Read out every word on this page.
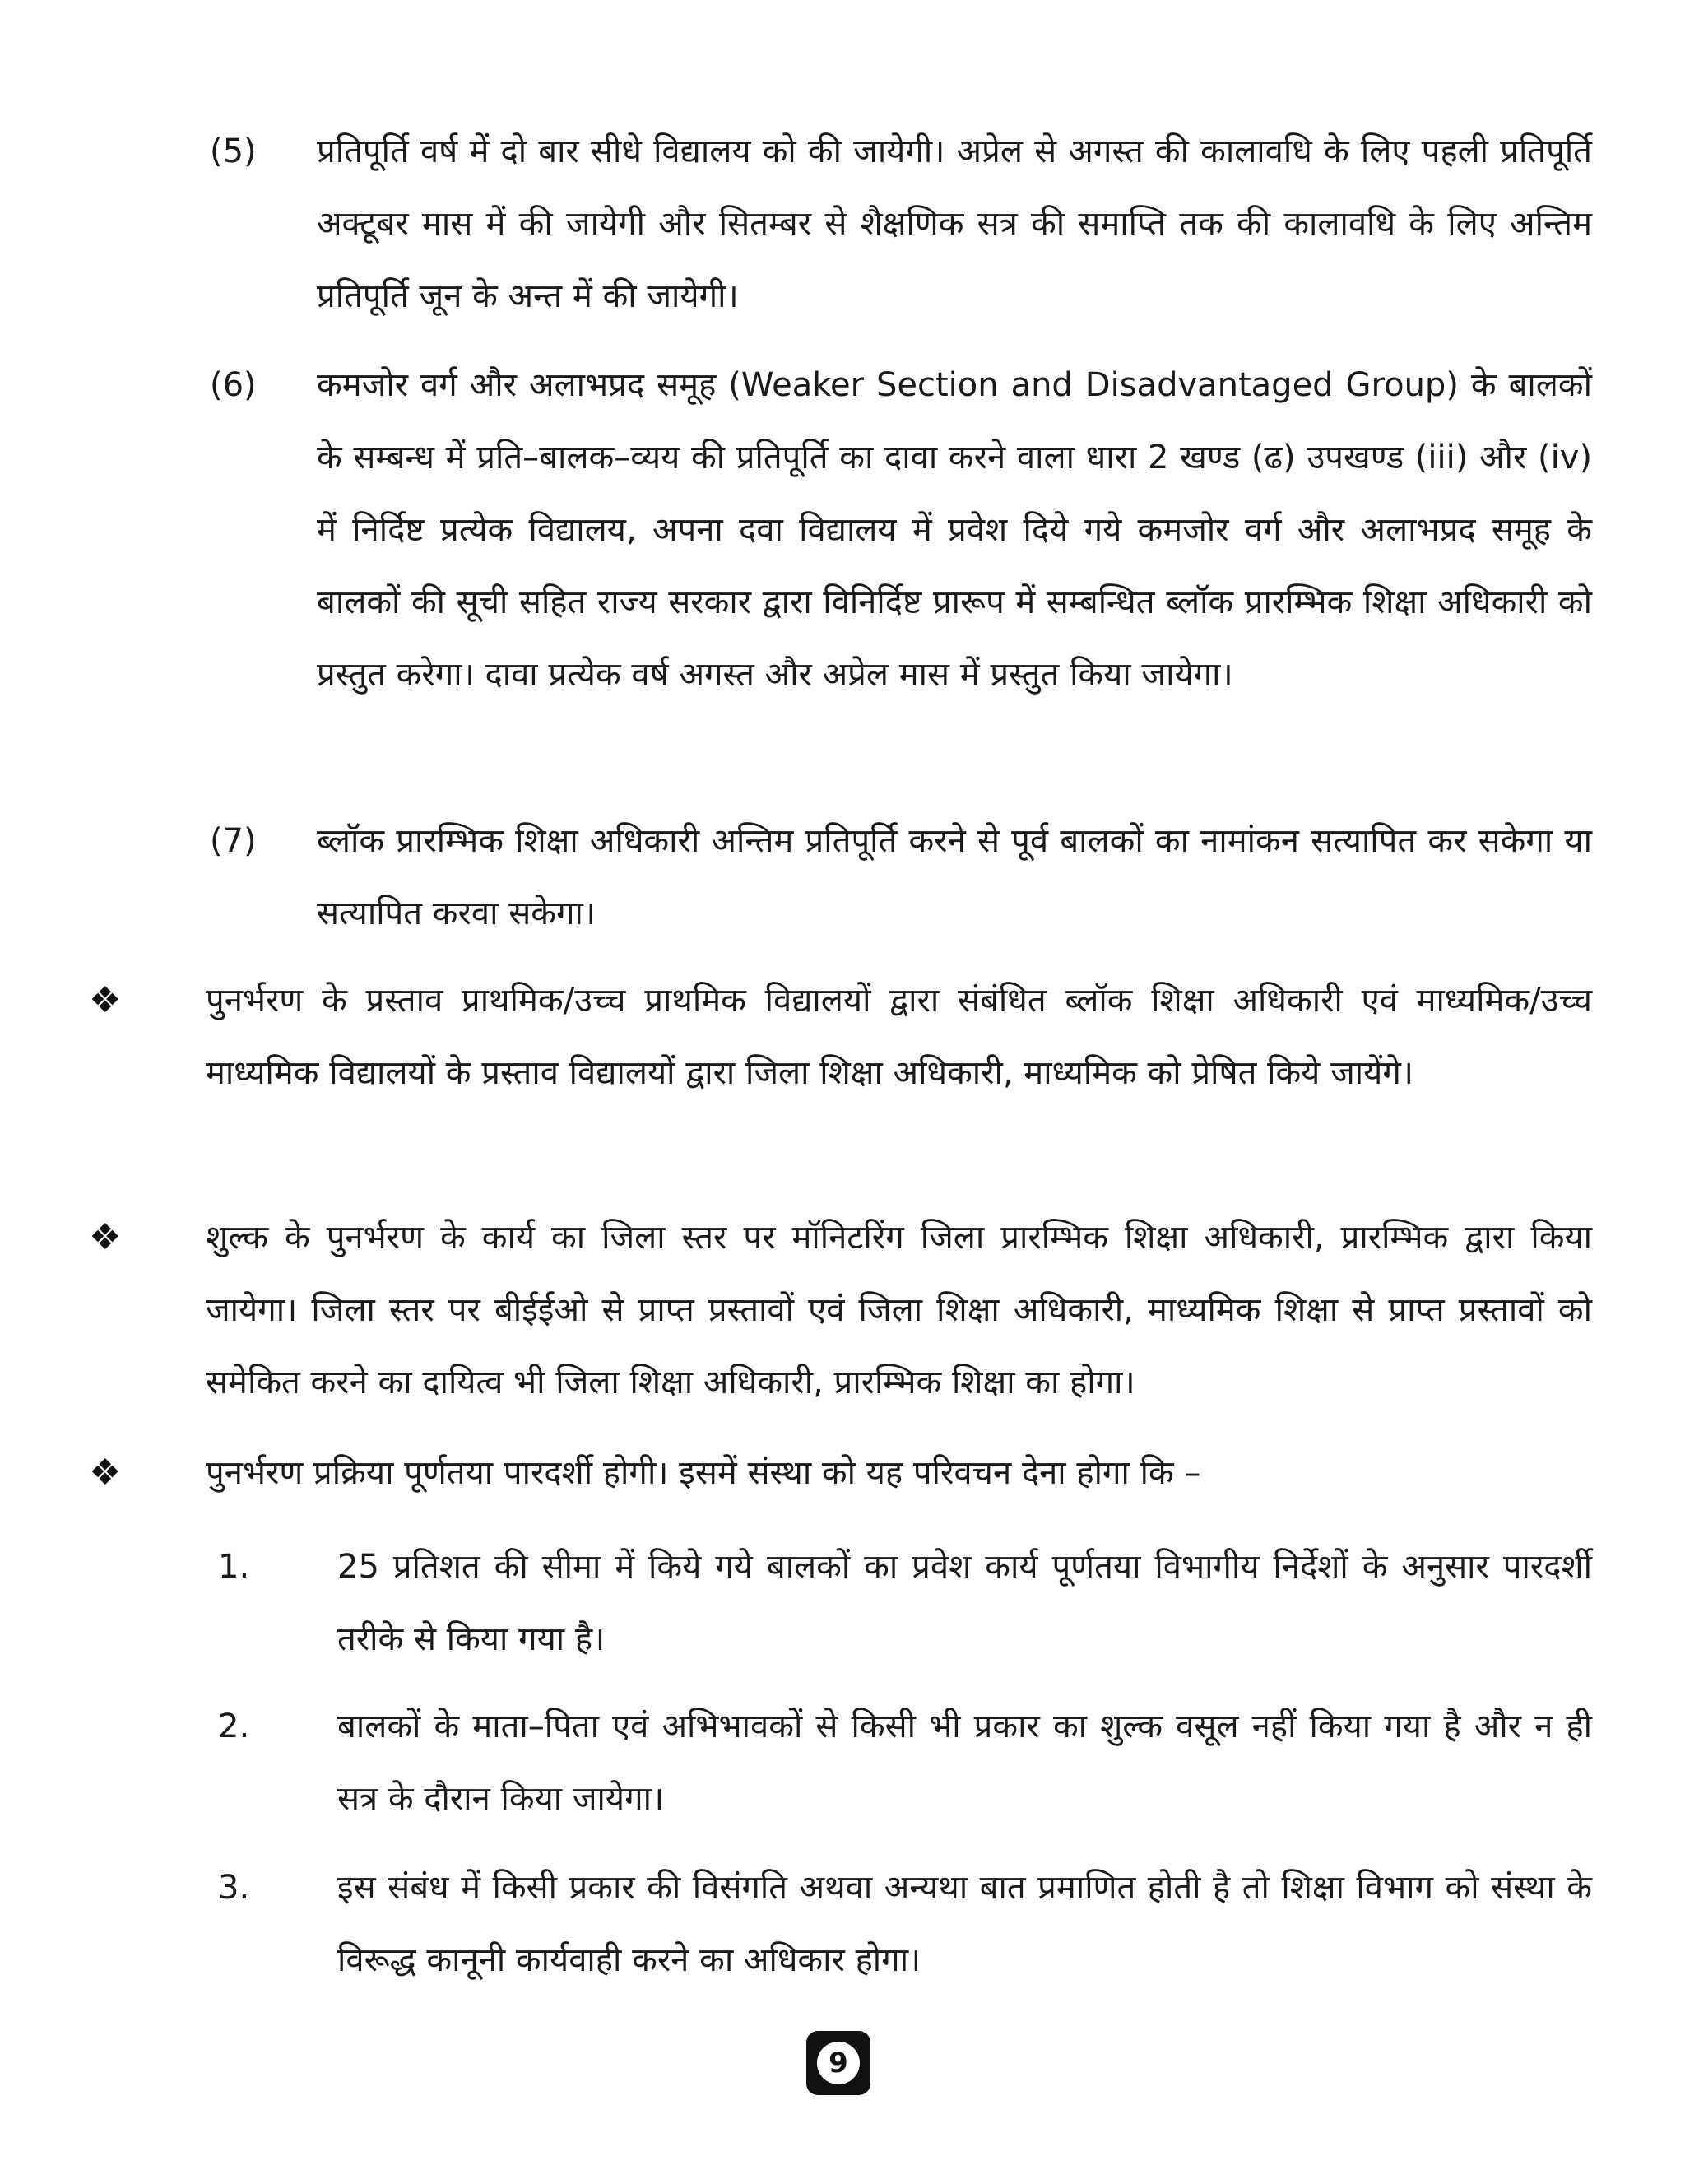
(5) प्रतिपूर्ति वर्ष में दो बार सीधे विद्यालय को की जायेगी। अप्रेल से अगस्त की कालावधि के लिए पहली प्रतिपूर्ति अक्टूबर मास में की जायेगी और सितम्बर से शैक्षणिक सत्र की समाप्ति तक की कालावधि के लिए अन्तिम प्रतिपूर्ति जून के अन्त में की जायेगी।
(6) कमजोर वर्ग और अलाभप्रद समूह (Weaker Section and Disadvantaged Group) के बालकों के सम्बन्ध में प्रति–बालक–व्यय की प्रतिपूर्ति का दावा करने वाला धारा 2 खण्ड (ढ) उपखण्ड (iii) और (iv) में निर्दिष्ट प्रत्येक विद्यालय, अपना दवा विद्यालय में प्रवेश दिये गये कमजोर वर्ग और अलाभप्रद समूह के बालकों की सूची सहित राज्य सरकार द्वारा विनिर्दिष्ट प्रारूप में सम्बन्धित ब्लॉक प्रारम्भिक शिक्षा अधिकारी को प्रस्तुत करेगा। दावा प्रत्येक वर्ष अगस्त और अप्रेल मास में प्रस्तुत किया जायेगा।
(7) ब्लॉक प्रारम्भिक शिक्षा अधिकारी अन्तिम प्रतिपूर्ति करने से पूर्व बालकों का नामांकन सत्यापित कर सकेगा या सत्यापित करवा सकेगा।
❖	पुनर्भरण के प्रस्ताव प्राथमिक/उच्च प्राथमिक विद्यालयों द्वारा संबंधित ब्लॉक शिक्षा अधिकारी एवं माध्यमिक/उच्च माध्यमिक विद्यालयों के प्रस्ताव विद्यालयों द्वारा जिला शिक्षा अधिकारी, माध्यमिक को प्रेषित किये जायेंगे।
❖	शुल्क के पुनर्भरण के कार्य का जिला स्तर पर मॉनिटरिंग जिला प्रारम्भिक शिक्षा अधिकारी, प्रारम्भिक द्वारा किया जायेगा। जिला स्तर पर बीईईओ से प्राप्त प्रस्तावों एवं जिला शिक्षा अधिकारी, माध्यमिक शिक्षा से प्राप्त प्रस्तावों को समेकित करने का दायित्व भी जिला शिक्षा अधिकारी, प्रारम्भिक शिक्षा का होगा।
❖	पुनर्भरण प्रक्रिया पूर्णतया पारदर्शी होगी। इसमें संस्था को यह परिवचन देना होगा कि –
1.	25 प्रतिशत की सीमा में किये गये बालकों का प्रवेश कार्य पूर्णतया विभागीय निर्देशों के अनुसार पारदर्शी तरीके से किया गया है।
2.	बालकों के माता–पिता एवं अभिभावकों से किसी भी प्रकार का शुल्क वसूल नहीं किया गया है और न ही सत्र के दौरान किया जायेगा।
3.	इस संबंध में किसी प्रकार की विसंगति अथवा अन्यथा बात प्रमाणित होती है तो शिक्षा विभाग को संस्था के विरूद्ध कानूनी कार्यवाही करने का अधिकार होगा।
9
